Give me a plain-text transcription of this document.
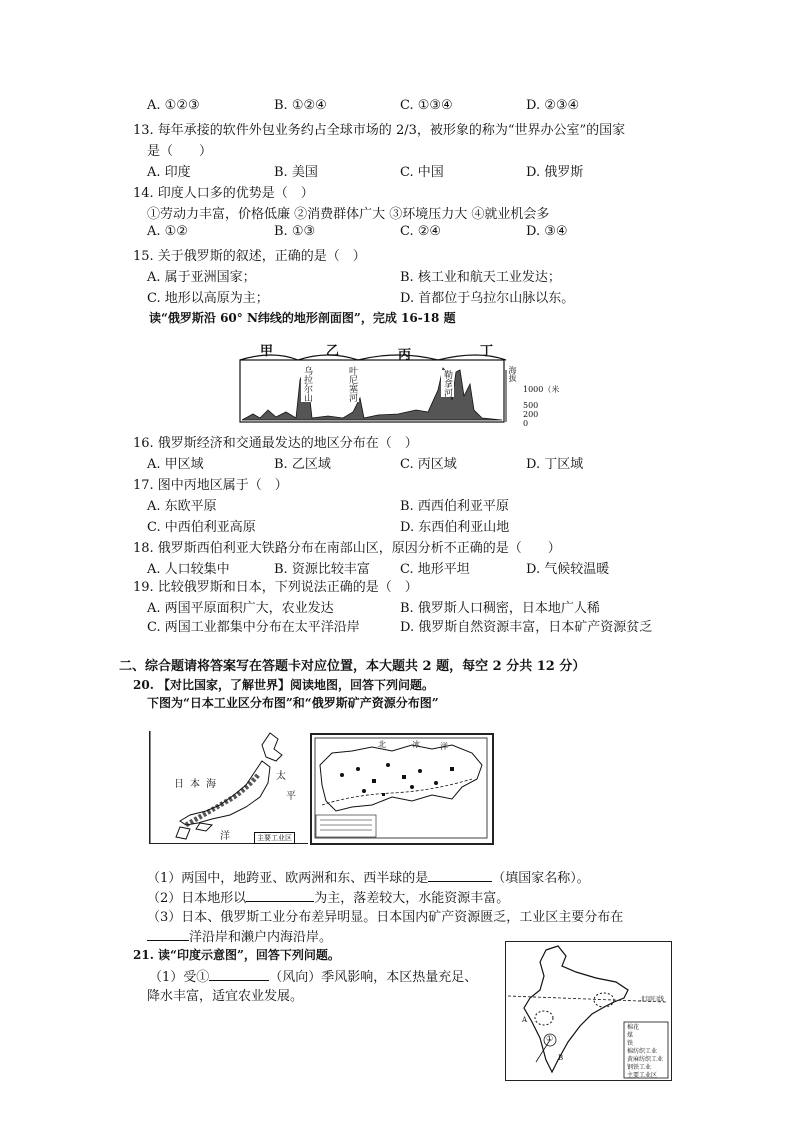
A. ①②③	B. ①②④	C. ①③④	D. ②③④
13. 每年承接的软件外包业务约占全球市场的 2/3，被形象的称为“世界办公室”的国家
是（　　）
A. 印度	B. 美国	C. 中国	D. 俄罗斯
14. 印度人口多的优势是（　）
①劳动力丰富，价格低廉 ②消费群体广大 ③环境压力大 ④就业机会多
A. ①②	B. ①③	C. ②④	D. ③④
15. 关于俄罗斯的叙述，正确的是（　）
A. 属于亚洲国家；	B. 核工业和航天工业发达；
C. 地形以高原为主；	D. 首都位于乌拉尔山脉以东。
读“俄罗斯沿 60° N纬线的地形剖面图”，完成 16-18 题
甲	乙	丙	丁
乌拉尔山	叶尼塞河	勒拿河	海拔
1000（米
500
200
0
16. 俄罗斯经济和交通最发达的地区分布在（　）
A. 甲区域	B. 乙区域	C. 丙区域	D. 丁区域
17. 图中丙地区属于（　）
A. 东欧平原	B. 西西伯利亚平原
C. 中西伯利亚高原	D. 东西伯利亚山地
18. 俄罗斯西伯利亚大铁路分布在南部山区，原因分析不正确的是（　　）
A. 人口较集中	B. 资源比较丰富 C. 地形平坦	D. 气候较温暖
19. 比较俄罗斯和日本，下列说法正确的是（　）
A. 两国平原面积广大，农业发达	B. 俄罗斯人口稠密，日本地广人稀
C. 两国工业都集中分布在太平洋沿岸	D. 俄罗斯自然资源丰富，日本矿产资源贫乏
二、综合题请将答案写在答题卡对应位置，本大题共 2 题，每空 2 分共 12 分）
20. 【对比国家，了解世界】阅读地图，回答下列问题。
下图为“日本工业区分布图”和“俄罗斯矿产资源分布图”
日 本 海
太
平
洋	主要工业区
北	冰	洋
（1）两国中，地跨亚、欧两洲和东、西半球的是	（填国家名称）。
（2）日本地形以	为主，落差较大，水能资源丰富。
（3）日本、俄罗斯工业分布差异明显。日本国内矿产资源匮乏，工业区主要分布在
洋沿岸和濑户内海沿岸。
21. 读“印度示意图”，回答下列问题。
（1）受①	（风向）季风影响，本区热量充足、
降水丰富，适宜农业发展。	北回归线
A
B
①
棉花
煤
铁
棉纺织工业
黄麻纺织工业
钢铁工业
主要工业区
